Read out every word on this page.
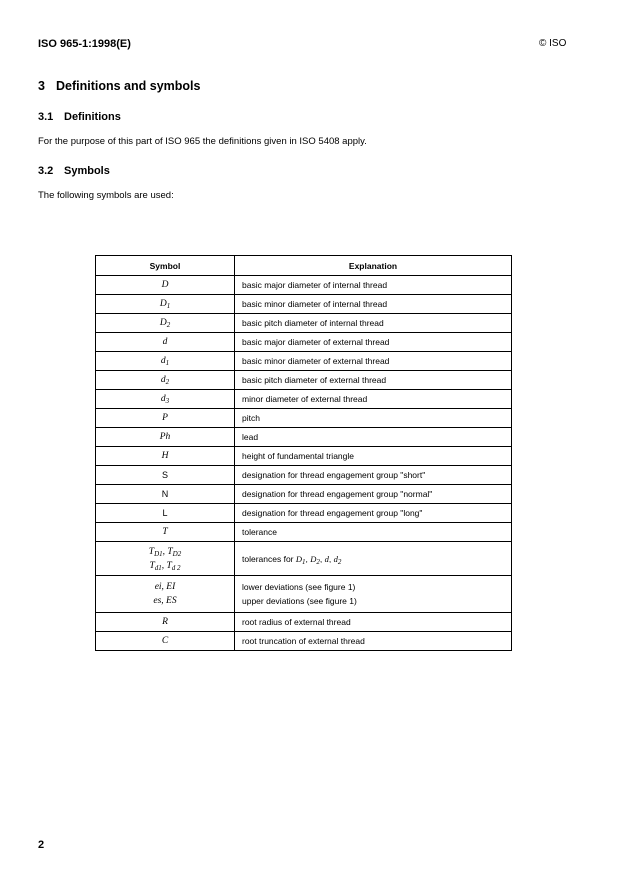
ISO 965-1:1998(E)	© ISO
3 Definitions and symbols
3.1 Definitions
For the purpose of this part of ISO 965 the definitions given in ISO 5408 apply.
3.2 Symbols
The following symbols are used:
Symbol	Explanation
D	basic major diameter of internal thread
$D_1$	basic minor diameter of internal thread
$D_2$	basic pitch diameter of internal thread
d	basic major diameter of external thread
$d_1$	basic minor diameter of external thread
$d_2$	basic pitch diameter of external thread
$d_3$	minor diameter of external thread
P	pitch
Ph	lead
H	height of fundamental triangle
S	designation for thread engagement group "short"
N	designation for thread engagement group "normal"
L	designation for thread engagement group "long"
T	tolerance

$T_{D1}$, $T_{D2}$
$T_{d1}$, $T_{d 2}$	tolerances for $D_1$, $D_2$, d, $d_2$

ei, EI
es, ES	lower deviations (see figure 1)
upper deviations (see figure 1)

R	root radius of external thread
C	root truncation of external thread
2
